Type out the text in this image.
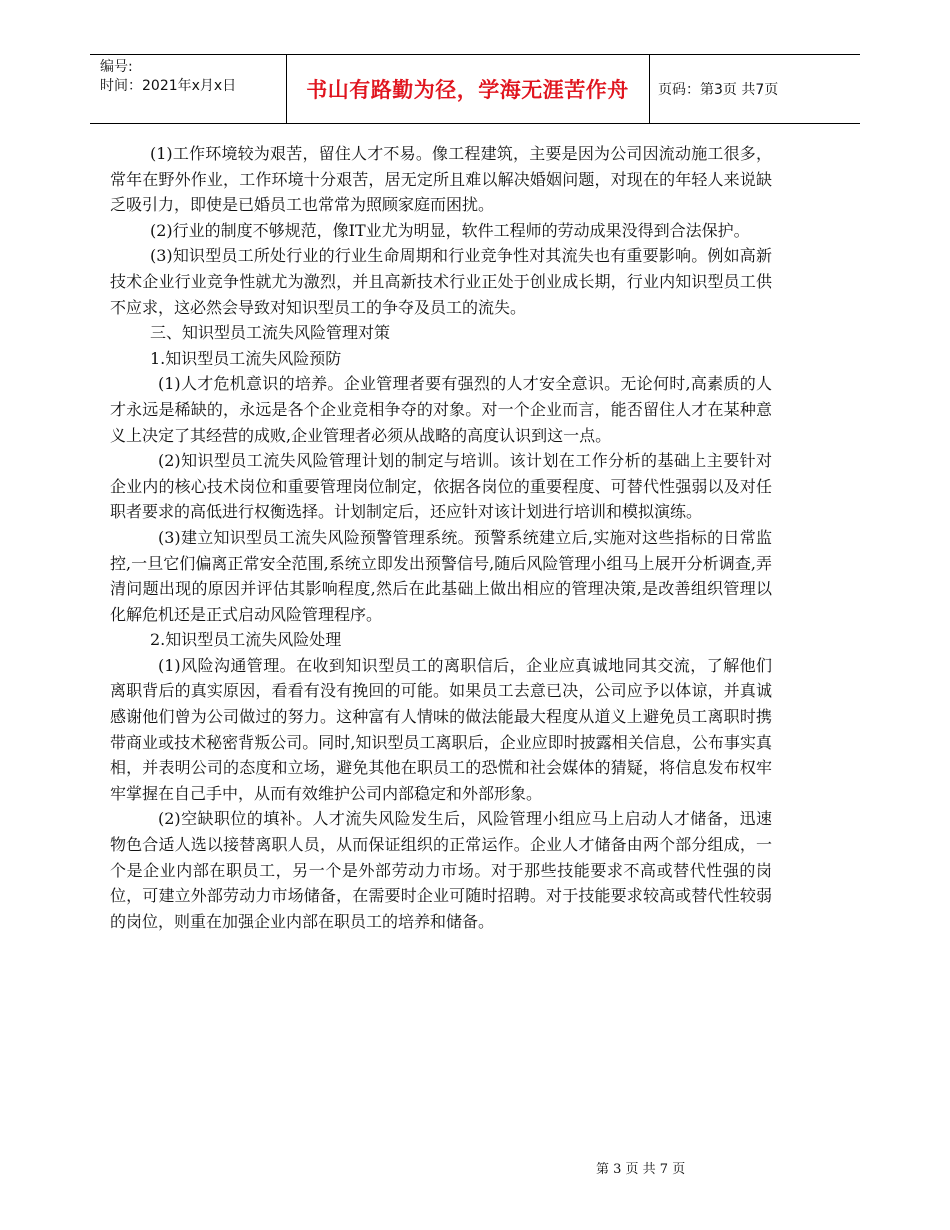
编号:
时间：2021年x月x日	书山有路勤为径，学海无涯苦作舟	页码：第3页 共7页

(1)工作环境较为艰苦，留住人才不易。像工程建筑，主要是因为公司因流动施工很多，常年在野外作业，工作环境十分艰苦，居无定所且难以解决婚姻问题，对现在的年轻人来说缺乏吸引力，即使是已婚员工也常常为照顾家庭而困扰。

(2)行业的制度不够规范，像IT业尤为明显，软件工程师的劳动成果没得到合法保护。

(3)知识型员工所处行业的行业生命周期和行业竞争性对其流失也有重要影响。例如高新技术企业行业竞争性就尤为激烈，并且高新技术行业正处于创业成长期，行业内知识型员工供不应求，这必然会导致对知识型员工的争夺及员工的流失。

三、知识型员工流失风险管理对策

1.知识型员工流失风险预防

(1)人才危机意识的培养。企业管理者要有强烈的人才安全意识。无论何时,高素质的人才永远是稀缺的，永远是各个企业竞相争夺的对象。对一个企业而言，能否留住人才在某种意义上决定了其经营的成败,企业管理者必须从战略的高度认识到这一点。

(2)知识型员工流失风险管理计划的制定与培训。该计划在工作分析的基础上主要针对企业内的核心技术岗位和重要管理岗位制定，依据各岗位的重要程度、可替代性强弱以及对任职者要求的高低进行权衡选择。计划制定后，还应针对该计划进行培训和模拟演练。

(3)建立知识型员工流失风险预警管理系统。预警系统建立后,实施对这些指标的日常监控,一旦它们偏离正常安全范围,系统立即发出预警信号,随后风险管理小组马上展开分析调查,弄清问题出现的原因并评估其影响程度,然后在此基础上做出相应的管理决策,是改善组织管理以化解危机还是正式启动风险管理程序。

2.知识型员工流失风险处理

(1)风险沟通管理。在收到知识型员工的离职信后，企业应真诚地同其交流，了解他们离职背后的真实原因，看看有没有挽回的可能。如果员工去意已决，公司应予以体谅，并真诚感谢他们曾为公司做过的努力。这种富有人情味的做法能最大程度从道义上避免员工离职时携带商业或技术秘密背叛公司。同时,知识型员工离职后，企业应即时披露相关信息，公布事实真相，并表明公司的态度和立场，避免其他在职员工的恐慌和社会媒体的猜疑，将信息发布权牢牢掌握在自己手中，从而有效维护公司内部稳定和外部形象。

(2)空缺职位的填补。人才流失风险发生后，风险管理小组应马上启动人才储备，迅速物色合适人选以接替离职人员，从而保证组织的正常运作。企业人才储备由两个部分组成，一个是企业内部在职员工，另一个是外部劳动力市场。对于那些技能要求不高或替代性强的岗位，可建立外部劳动力市场储备，在需要时企业可随时招聘。对于技能要求较高或替代性较弱的岗位，则重在加强企业内部在职员工的培养和储备。

第 3 页 共 7 页
